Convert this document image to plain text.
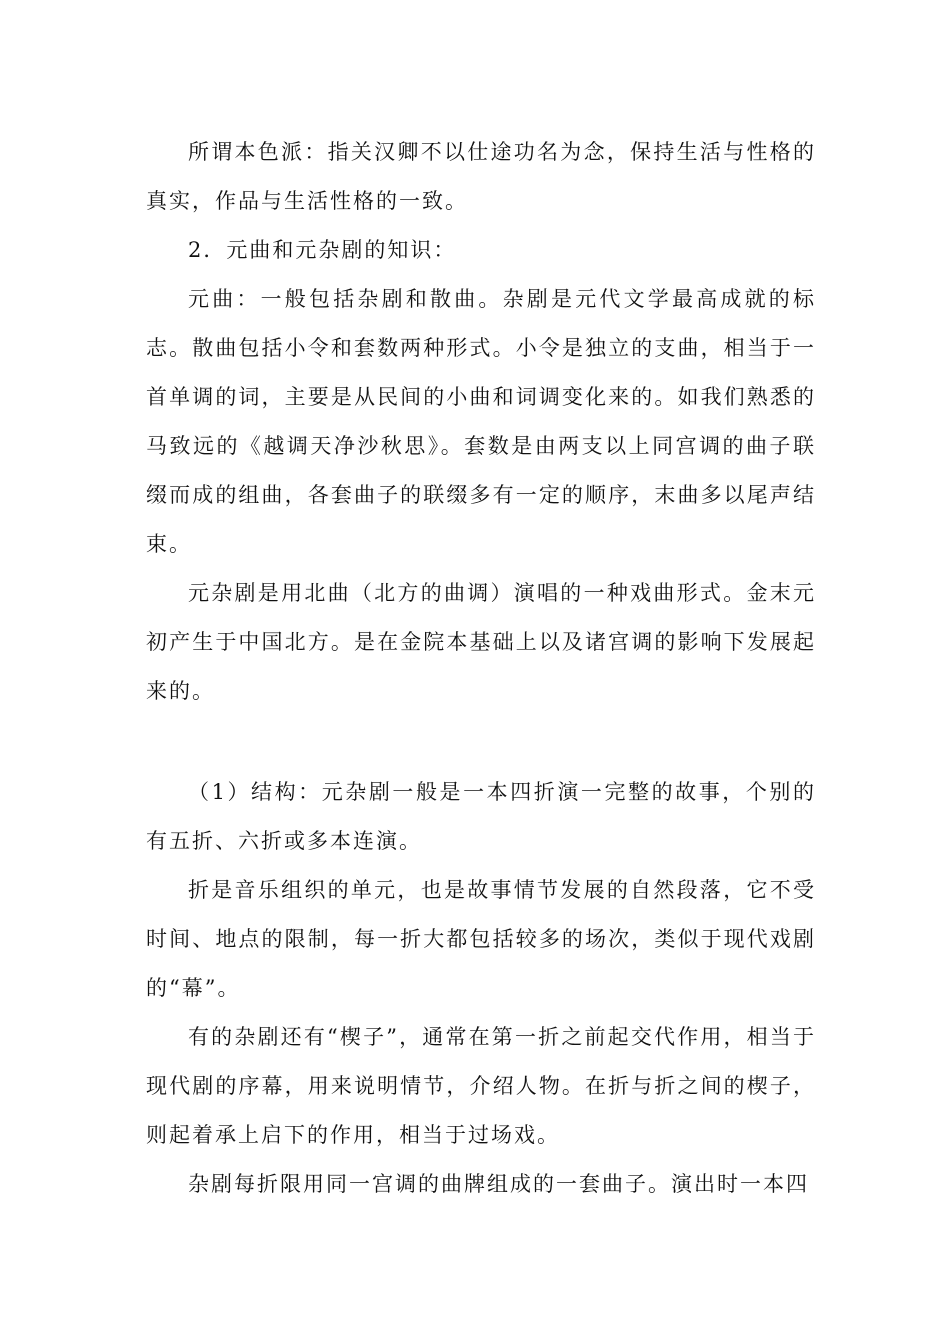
所谓本色派：指关汉卿不以仕途功名为念，保持生活与性格的真实，作品与生活性格的一致。

2．元曲和元杂剧的知识：

元曲：一般包括杂剧和散曲。杂剧是元代文学最高成就的标志。散曲包括小令和套数两种形式。小令是独立的支曲，相当于一首单调的词，主要是从民间的小曲和词调变化来的。如我们熟悉的马致远的《越调天净沙秋思》。套数是由两支以上同宫调的曲子联缀而成的组曲，各套曲子的联缀多有一定的顺序，末曲多以尾声结束。

元杂剧是用北曲（北方的曲调）演唱的一种戏曲形式。金末元初产生于中国北方。是在金院本基础上以及诸宫调的影响下发展起来的。

（1）结构：元杂剧一般是一本四折演一完整的故事，个别的有五折、六折或多本连演。

折是音乐组织的单元，也是故事情节发展的自然段落，它不受时间、地点的限制，每一折大都包括较多的场次，类似于现代戏剧的“幕”。

有的杂剧还有“楔子”，通常在第一折之前起交代作用，相当于现代剧的序幕，用来说明情节，介绍人物。在折与折之间的楔子，则起着承上启下的作用，相当于过场戏。

杂剧每折限用同一宫调的曲牌组成的一套曲子。演出时一本四
